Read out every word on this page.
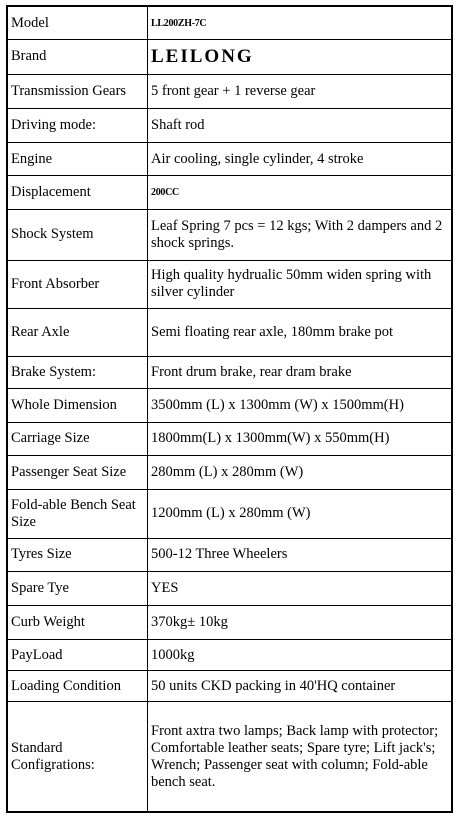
Model	LL200ZH-7C
Brand	LEILONG
Transmission Gears	5 front gear + 1 reverse gear
Driving mode:	Shaft rod
Engine	Air cooling, single cylinder, 4 stroke
Displacement	200CC
Shock System	Leaf Spring 7 pcs = 12 kgs; With 2 dampers and 2 shock springs.
Front Absorber	High quality hydrualic 50mm widen spring with silver cylinder
Rear Axle	Semi floating rear axle, 180mm brake pot
Brake System:	Front drum brake, rear dram brake
Whole Dimension	3500mm (L) x 1300mm (W) x 1500mm(H)
Carriage Size	1800mm(L) x 1300mm(W) x 550mm(H)
Passenger Seat Size	280mm (L) x 280mm (W)
Fold-able Bench Seat Size	1200mm (L) x 280mm (W)
Tyres Size	500-12 Three Wheelers
Spare Tye	YES
Curb Weight	370kg± 10kg
PayLoad	1000kg
Loading Condition	50 units CKD packing in 40'HQ container
Standard Configrations:	Front axtra two lamps; Back lamp with protector; Comfortable leather seats; Spare tyre; Lift jack's; Wrench; Passenger seat with column; Fold-able bench seat.
